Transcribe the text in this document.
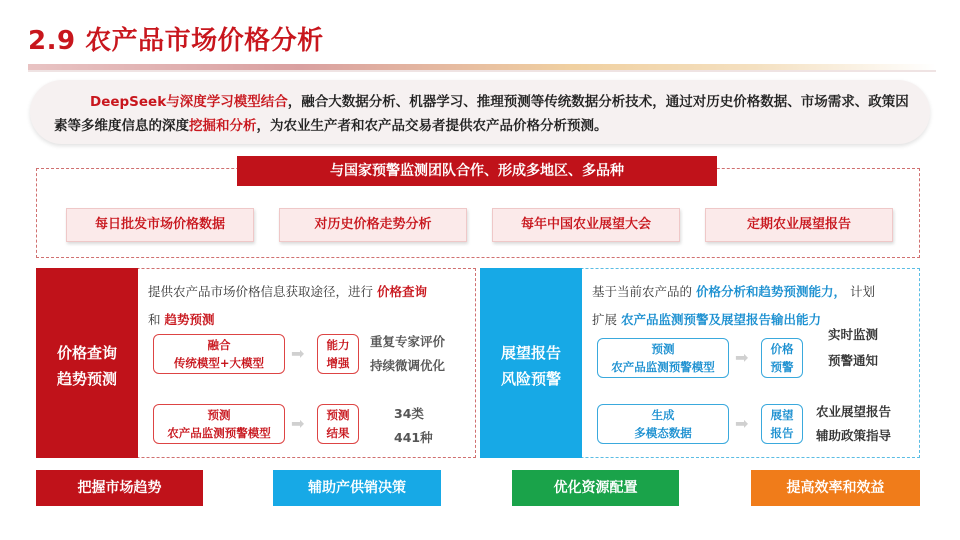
2.9 农产品市场价格分析
DeepSeek与深度学习模型结合，融合大数据分析、机器学习、推理预测等传统数据分析技术，通过对历史价格数据、市场需求、政策因素等多维度信息的深度挖掘和分析，为农业生产者和农产品交易者提供农产品价格分析预测。
与国家预警监测团队合作、形成多地区、多品种
每日批发市场价格数据	对历史价格走势分析	每年中国农业展望大会	定期农业展望报告
价格查询
趋势预测
提供农产品市场价格信息获取途径，进行 价格查询
和 趋势预测
融合
传统模型+大模型	➡	能力
增强
重复专家评价
持续微调优化
预测
农产品监测预警模型	➡	预测
结果
34类
441种
展望报告
风险预警
基于当前农产品的 价格分析和趋势预测能力， 计划
扩展 农产品监测预警及展望报告输出能力
预测
农产品监测预警模型	➡	价格
预警
实时监测
预警通知
生成
多模态数据	➡	展望
报告
农业展望报告
辅助政策指导
把握市场趋势	辅助产供销决策	优化资源配置	提高效率和效益
